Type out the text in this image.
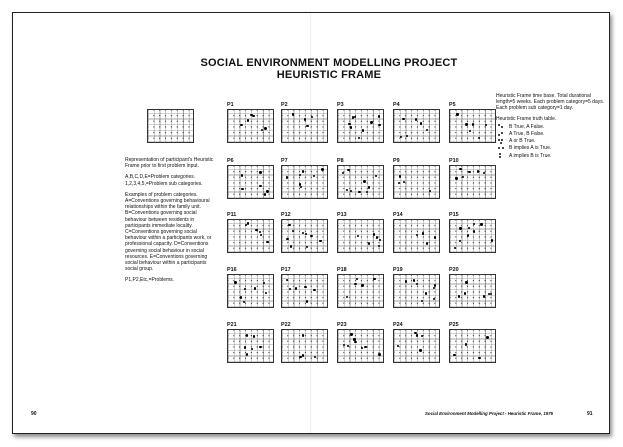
SOCIAL ENVIRONMENT MODELLING PROJECT
HEURISTIC FRAME
P1	P2	P3	P4	P5
P6	P7	P8	P9	P10
P11	P12	P13	P14	P15
P16	P17	P18	P19	P20
P21	P22	P23	P24	P25

Representation of participant's Heuristic Frame prior to first problem input.

A,B,C,D,E=Problem categories. 1,2,3,4,5,=Problem sub categories.

Examples of problem categories. A=Conventions governing behavioural relationships within the family unit. B=Conventions governing social behaviour between residents in participants immediate locality. C=Conventions governing social behaviour within a participants work, or professional capacity. D=Conventions governing social behaviour in social resources. E=Conventions governing social behaviour within a participants social group.

P1,P2,Etc,=Problems.

Heuristic Frame time base. Total durational length=5 weeks. Each problem category=5 days. Each problem sub category=1 day.

Heuristic Frame truth table.

B True, A False.
A True, B False.
A or B True.
B implies A is True.
A implies B is True.
90	Social Environment Modelling Project - Heuristic Frame, 1975	91
